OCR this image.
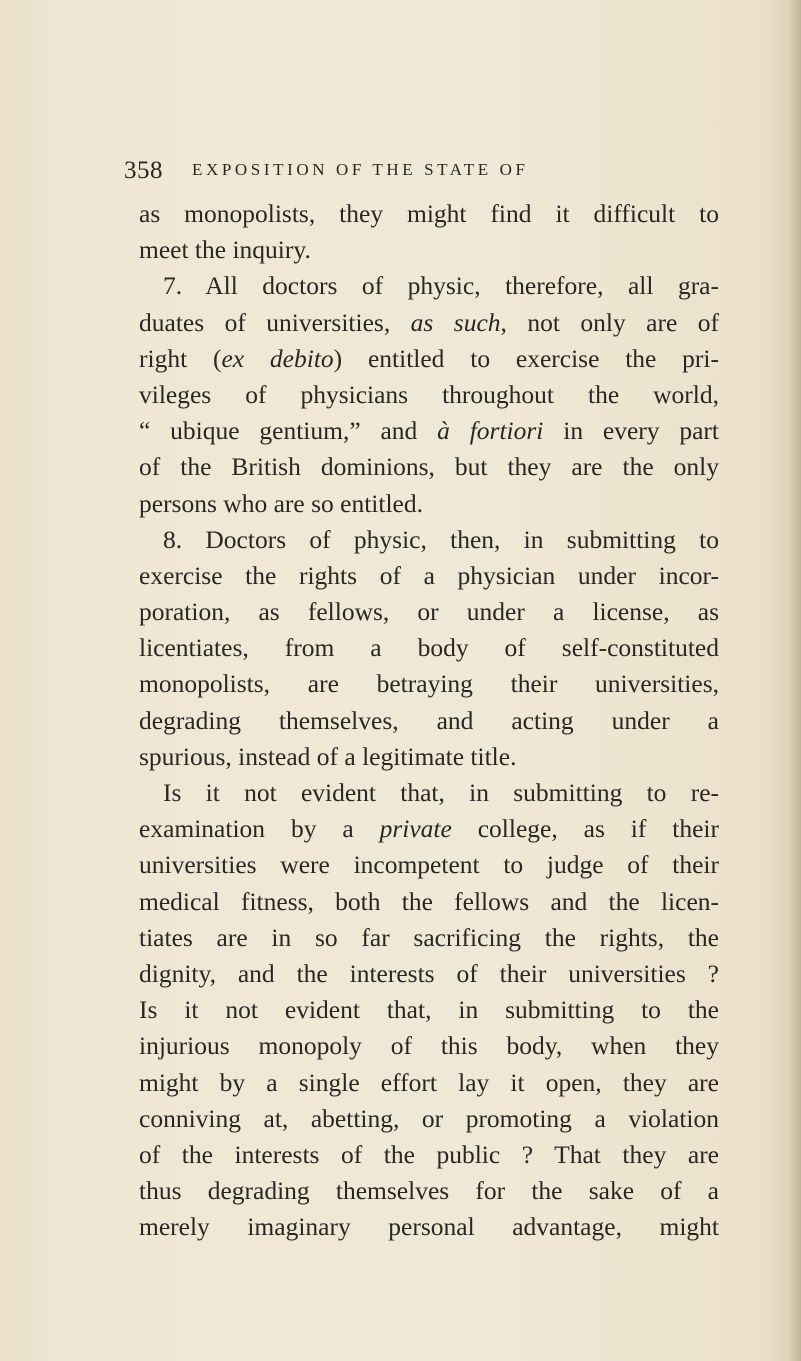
358 EXPOSITION OF THE STATE OF
as monopolists, they might find it difficult to
meet the inquiry.
7. All doctors of physic, therefore, all gra-
duates of universities, as such, not only are of
right (ex debito) entitled to exercise the pri-
vileges of physicians throughout the world,
“ ubique gentium,” and à fortiori in every part
of the British dominions, but they are the only
persons who are so entitled.
8. Doctors of physic, then, in submitting to
exercise the rights of a physician under incor-
poration, as fellows, or under a license, as
licentiates, from a body of self-constituted
monopolists, are betraying their universities,
degrading themselves, and acting under a
spurious, instead of a legitimate title.
Is it not evident that, in submitting to re-
examination by a private college, as if their
universities were incompetent to judge of their
medical fitness, both the fellows and the licen-
tiates are in so far sacrificing the rights, the
dignity, and the interests of their universities ?
Is it not evident that, in submitting to the
injurious monopoly of this body, when they
might by a single effort lay it open, they are
conniving at, abetting, or promoting a violation
of the interests of the public ? That they are
thus degrading themselves for the sake of a
merely imaginary personal advantage, might
